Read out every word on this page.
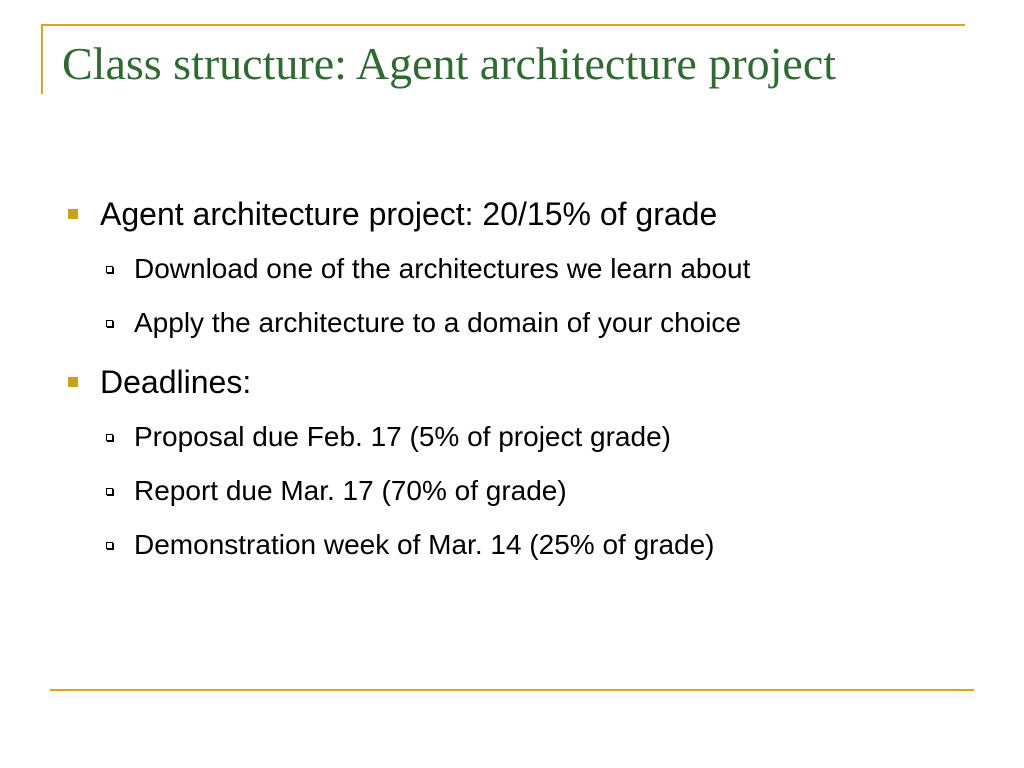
Class structure: Agent architecture project
Agent architecture project: 20/15% of grade
Download one of the architectures we learn about
Apply the architecture to a domain of your choice
Deadlines:
Proposal due Feb. 17 (5% of project grade)
Report due Mar. 17 (70% of grade)
Demonstration week of Mar. 14 (25% of grade)
